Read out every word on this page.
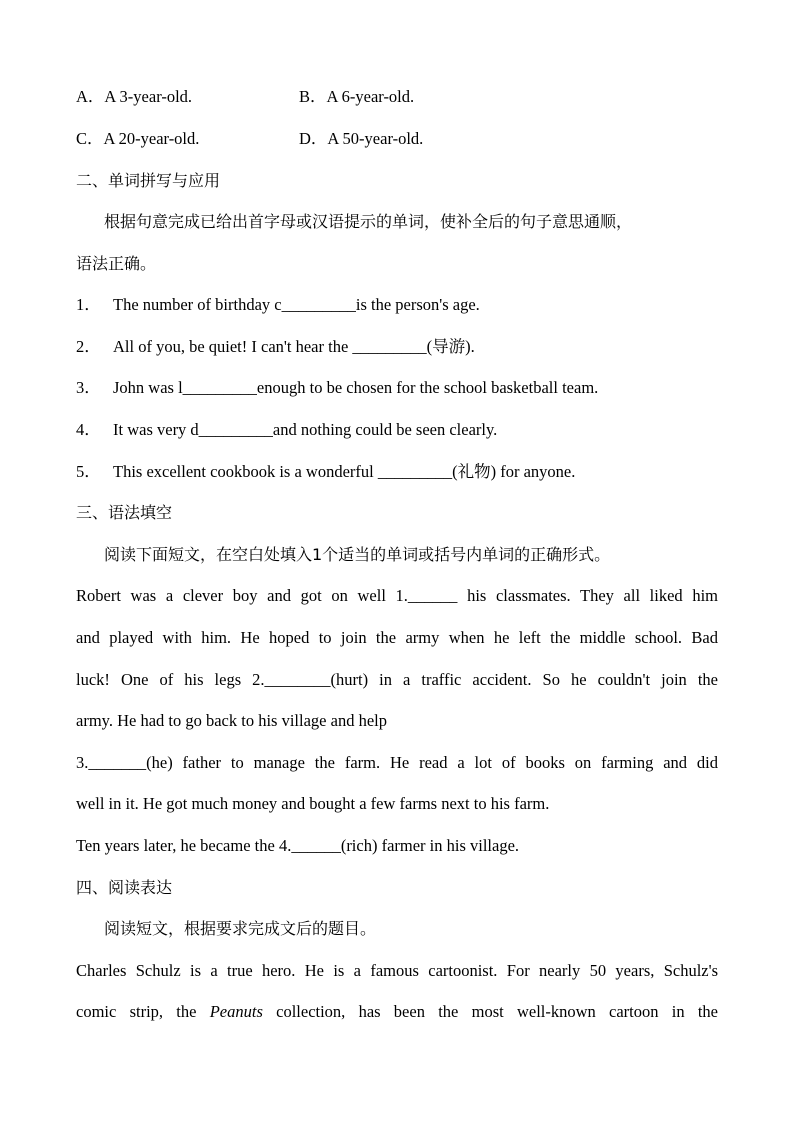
A．A 3-year-old.	B．A 6-year-old.
C．A 20-year-old.	D．A 50-year-old.
二、单词拼写与应用
根据句意完成已给出首字母或汉语提示的单词，使补全后的句子意思通顺，
语法正确。
1． The number of birthday c_________is the person's age.
2． All of you, be quiet! I can't hear the _________(导游).
3． John was l_________enough to be chosen for the school basketball team.
4． It was very d_________and nothing could be seen clearly.
5． This excellent cookbook is a wonderful _________(礼物) for anyone.
三、语法填空
阅读下面短文，在空白处填入1个适当的单词或括号内单词的正确形式。
Robert was a clever boy and got on well 1.______ his classmates. They all liked him
and played with him. He hoped to join the army when he left the middle school. Bad
luck! One of his legs 2.________(hurt) in a traffic accident. So he couldn't join the
army. He had to go back to his village and help
3._______(he) father to manage the farm. He read a lot of books on farming and did
well in it. He got much money and bought a few farms next to his farm.
Ten years later, he became the 4.______(rich) farmer in his village.
四、阅读表达
阅读短文，根据要求完成文后的题目。
Charles Schulz is a true hero. He is a famous cartoonist. For nearly 50 years, Schulz's
comic strip, the Peanuts collection, has been the most well-known cartoon in the
